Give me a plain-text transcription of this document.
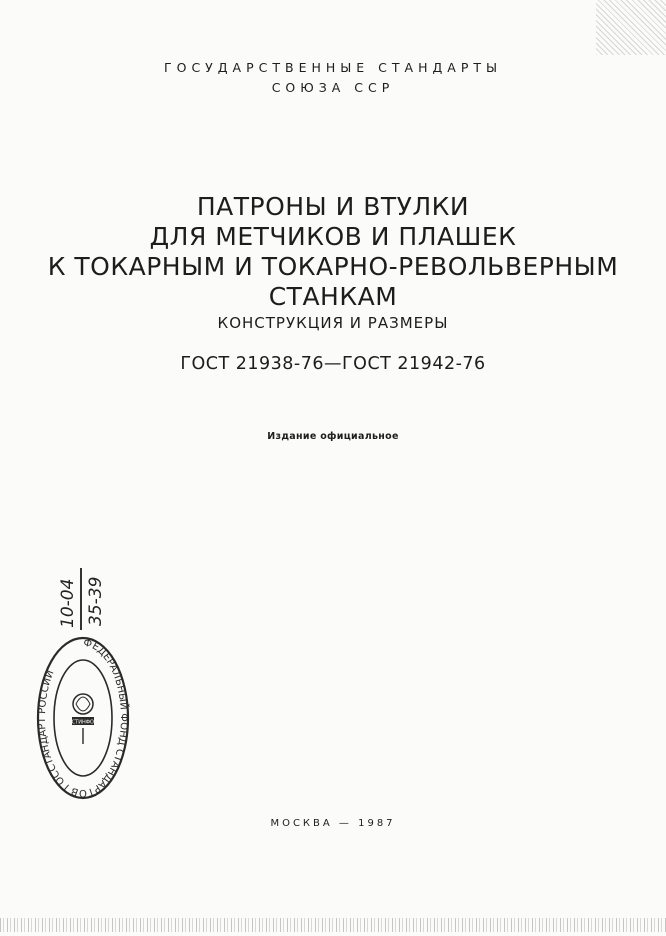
ГОСУДАРСТВЕННЫЕ СТАНДАРТЫ
СОЮЗА ССР
ПАТРОНЫ И ВТУЛКИ
ДЛЯ МЕТЧИКОВ И ПЛАШЕК
К ТОКАРНЫМ И ТОКАРНО-РЕВОЛЬВЕРНЫМ
СТАНКАМ
КОНСТРУКЦИЯ И РАЗМЕРЫ
ГОСТ 21938-76—ГОСТ 21942-76
Издание официальное
10-04 35-39
ФЕДЕРАЛЬНЫЙ ФОНД СТАНДАРТОВ ГОССТАНДАРТ РОССИИ
ГОСТИНФОРМ
МОСКВА — 1987
